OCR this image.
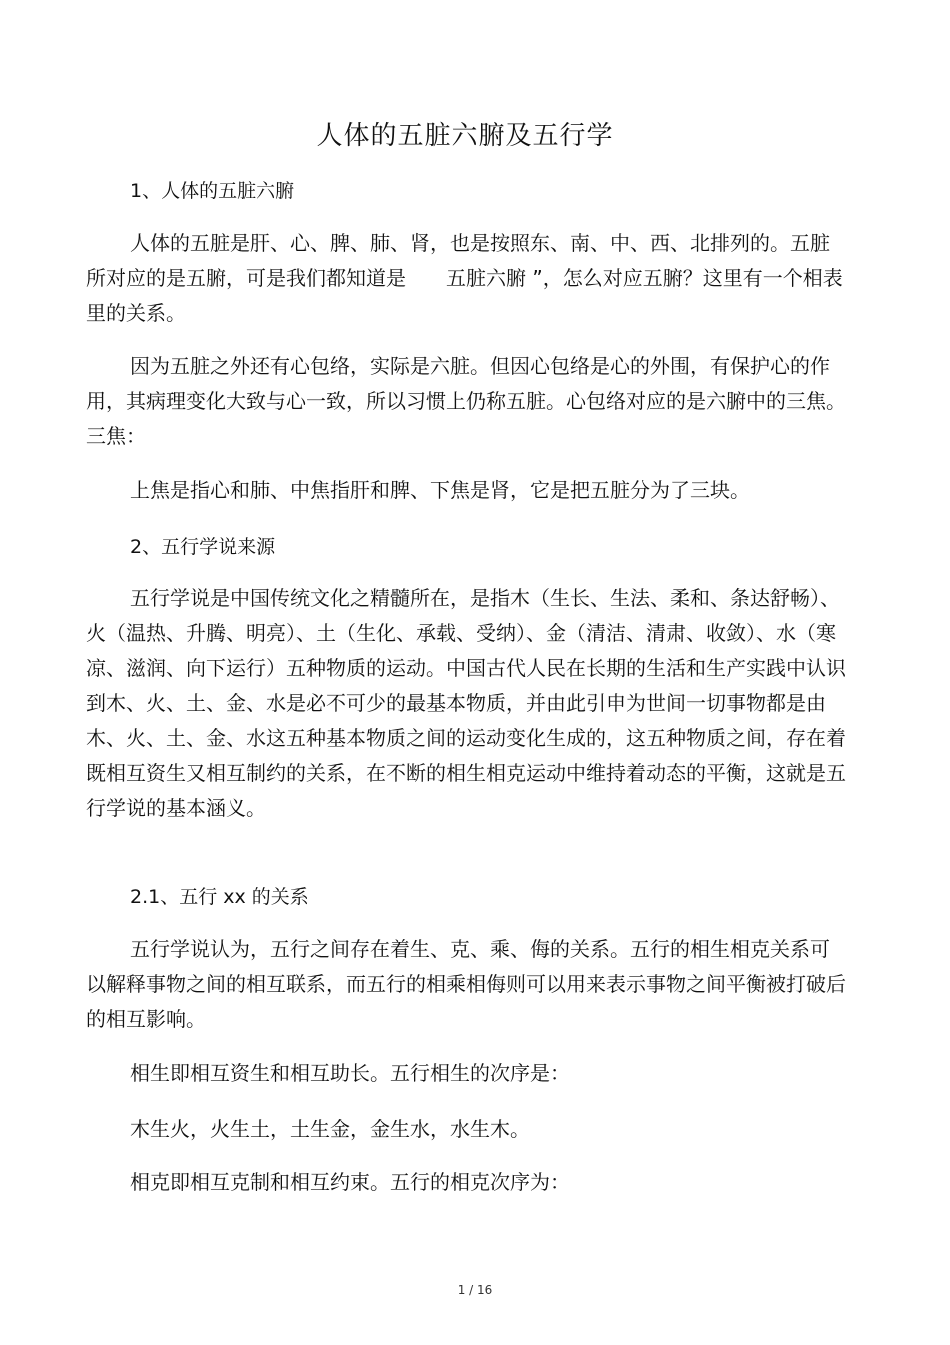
人体的五脏六腑及五行学
1、人体的五脏六腑

人体的五脏是肝、心、脾、肺、肾，也是按照东、南、中、西、北排列的。五脏所对应的是五腑，可是我们都知道是　　五脏六腑 ”，怎么对应五腑？这里有一个相表里的关系。

因为五脏之外还有心包络，实际是六脏。但因心包络是心的外围，有保护心的作用，其病理变化大致与心一致，所以习惯上仍称五脏。心包络对应的是六腑中的三焦。三焦：

上焦是指心和肺、中焦指肝和脾、下焦是肾，它是把五脏分为了三块。

2、五行学说来源

五行学说是中国传统文化之精髓所在，是指木（生长、生法、柔和、条达舒畅）、火（温热、升腾、明亮）、土（生化、承载、受纳）、金（清洁、清肃、收敛）、水（寒凉、滋润、向下运行）五种物质的运动。中国古代人民在长期的生活和生产实践中认识到木、火、土、金、水是必不可少的最基本物质，并由此引申为世间一切事物都是由木、火、土、金、水这五种基本物质之间的运动变化生成的，这五种物质之间，存在着既相互资生又相互制约的关系，在不断的相生相克运动中维持着动态的平衡，这就是五行学说的基本涵义。

2.1、五行 xx 的关系

五行学说认为，五行之间存在着生、克、乘、侮的关系。五行的相生相克关系可以解释事物之间的相互联系，而五行的相乘相侮则可以用来表示事物之间平衡被打破后的相互影响。

相生即相互资生和相互助长。五行相生的次序是：

木生火，火生土，土生金，金生水，水生木。

相克即相互克制和相互约束。五行的相克次序为：

1 / 16
